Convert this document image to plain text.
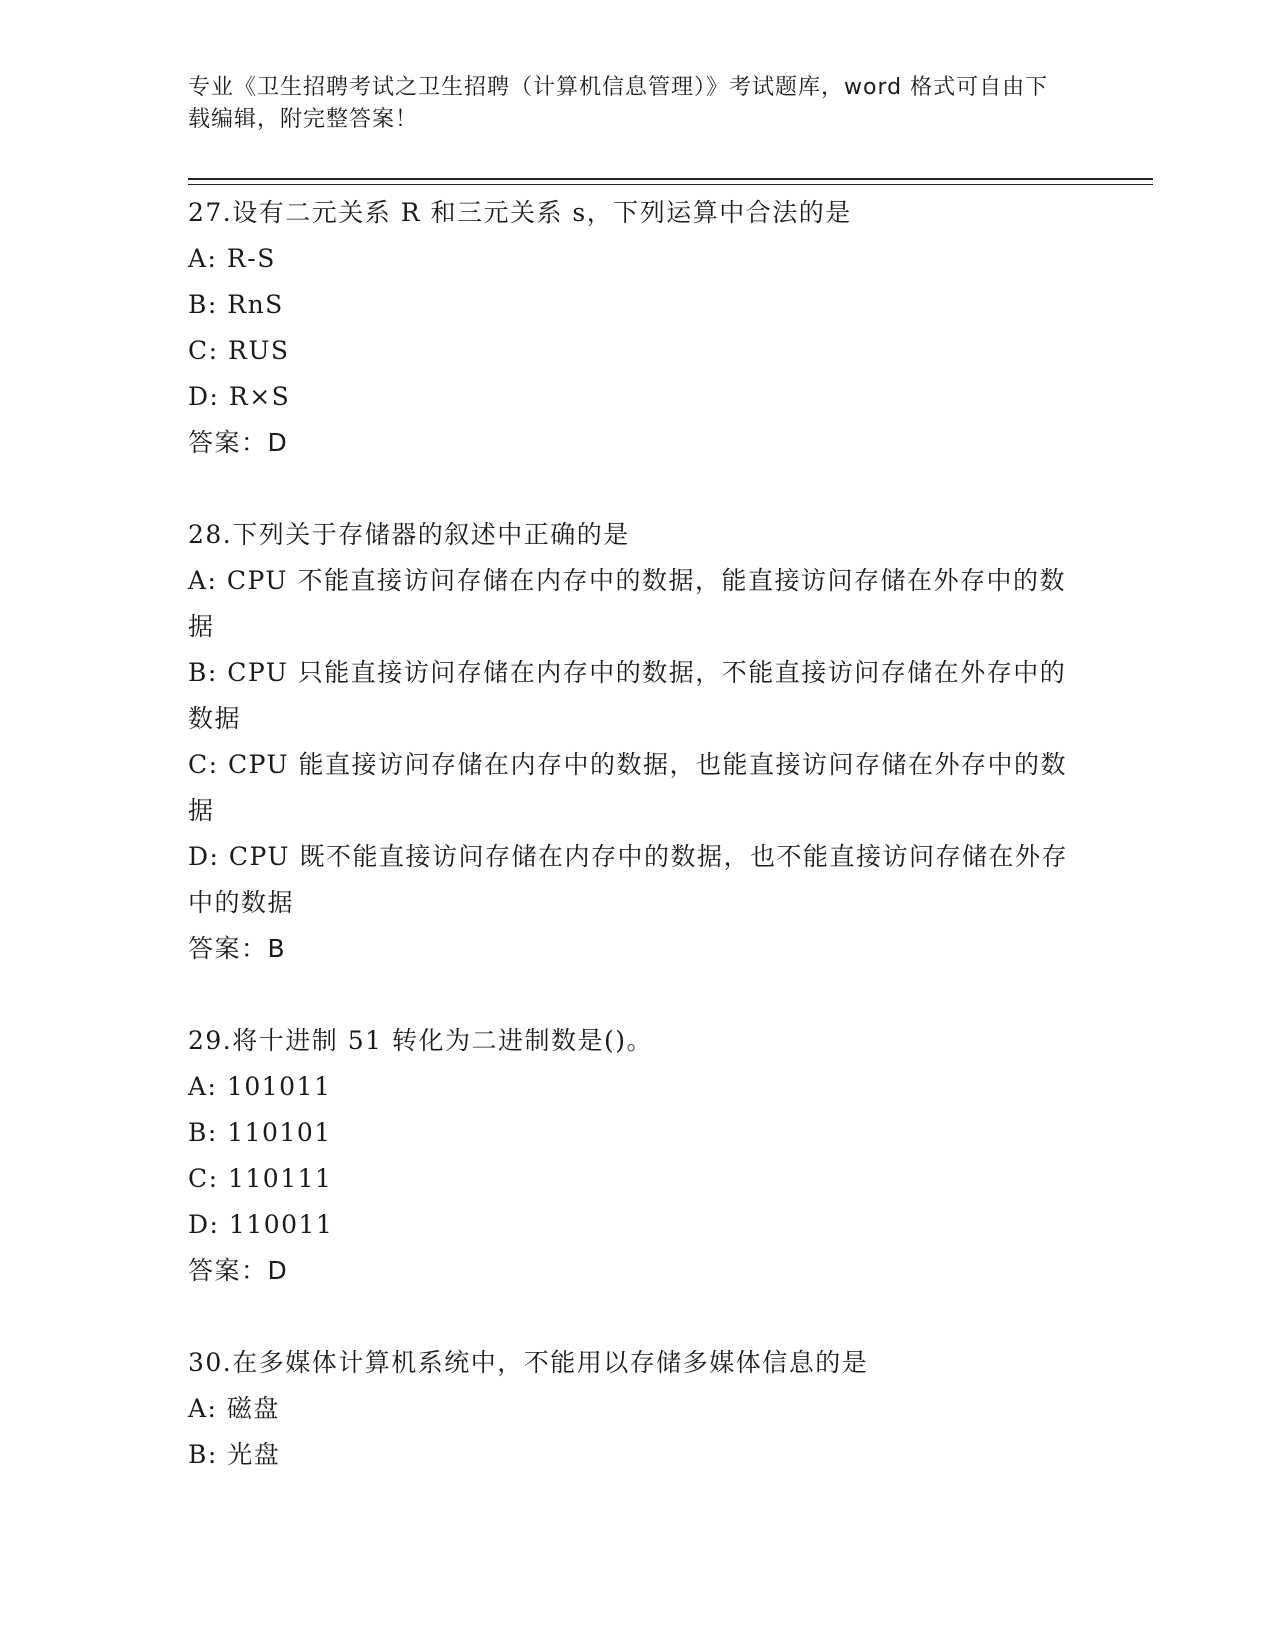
专业《卫生招聘考试之卫生招聘（计算机信息管理）》考试题库，word 格式可自由下载编辑，附完整答案！

27.设有二元关系 R 和三元关系 s，下列运算中合法的是

A: R-S

B: RnS

C: RUS

D: R×S

答案：D

28.下列关于存储器的叙述中正确的是

A: CPU 不能直接访问存储在内存中的数据，能直接访问存储在外存中的数据

B: CPU 只能直接访问存储在内存中的数据，不能直接访问存储在外存中的数据

C: CPU 能直接访问存储在内存中的数据，也能直接访问存储在外存中的数据

D: CPU 既不能直接访问存储在内存中的数据，也不能直接访问存储在外存中的数据

答案：B

29.将十进制 51 转化为二进制数是()。

A: 101011

B: 110101

C: 110111

D: 110011

答案：D

30.在多媒体计算机系统中，不能用以存储多媒体信息的是

A: 磁盘

B: 光盘
